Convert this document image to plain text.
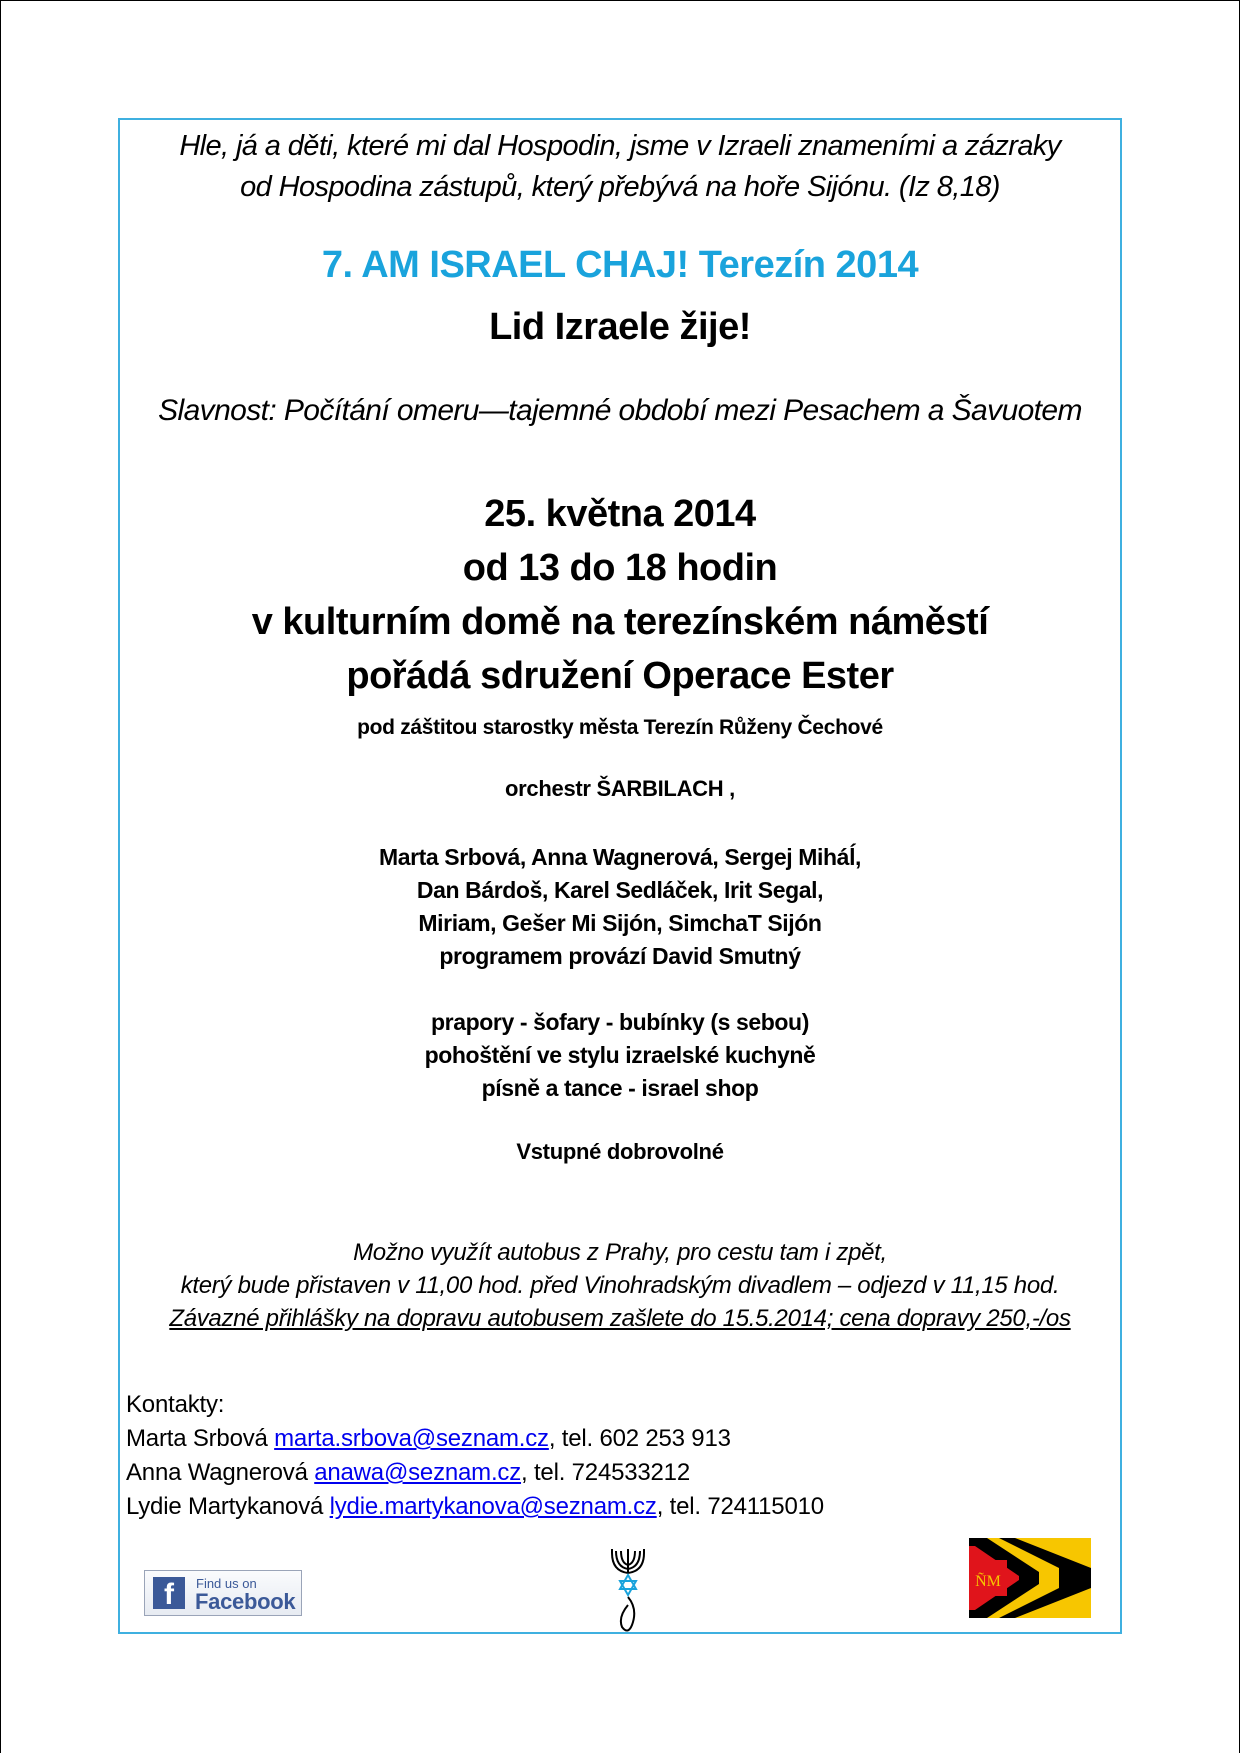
Hle, já a děti, které mi dal Hospodin, jsme v Izraeli znameními a zázraky
od Hospodina zástupů, který přebývá na hoře Sijónu. (Iz 8,18)
7. AM ISRAEL CHAJ! Terezín 2014
Lid Izraele žije!
Slavnost: Počítání omeru—tajemné období mezi Pesachem a Šavuotem
25. května 2014
od 13 do 18 hodin
v kulturním domě na terezínském náměstí
pořádá sdružení Operace Ester
pod záštitou starostky města Terezín Růženy Čechové
orchestr ŠARBILACH ,
Marta Srbová, Anna Wagnerová, Sergej Miháĺ,
Dan Bárdoš, Karel Sedláček, Irit Segal,
Miriam, Gešer Mi Sijón, SimchaT Sijón
programem provází David Smutný
prapory - šofary - bubínky (s sebou)
pohoštění ve stylu izraelské kuchyně
písně a tance - israel shop
Vstupné dobrovolné
Možno využít autobus z Prahy, pro cestu tam i zpět,
který bude přistaven v 11,00 hod. před Vinohradským divadlem – odjezd v 11,15 hod.
Závazné přihlášky na dopravu autobusem zašlete do 15.5.2014; cena dopravy 250,-/os
Kontakty:
Marta Srbová marta.srbova@seznam.cz, tel. 602 253 913
Anna Wagnerová anawa@seznam.cz, tel. 724533212
Lydie Martykanová lydie.martykanova@seznam.cz, tel. 724115010
f	Find us on
Facebook
ÑM
